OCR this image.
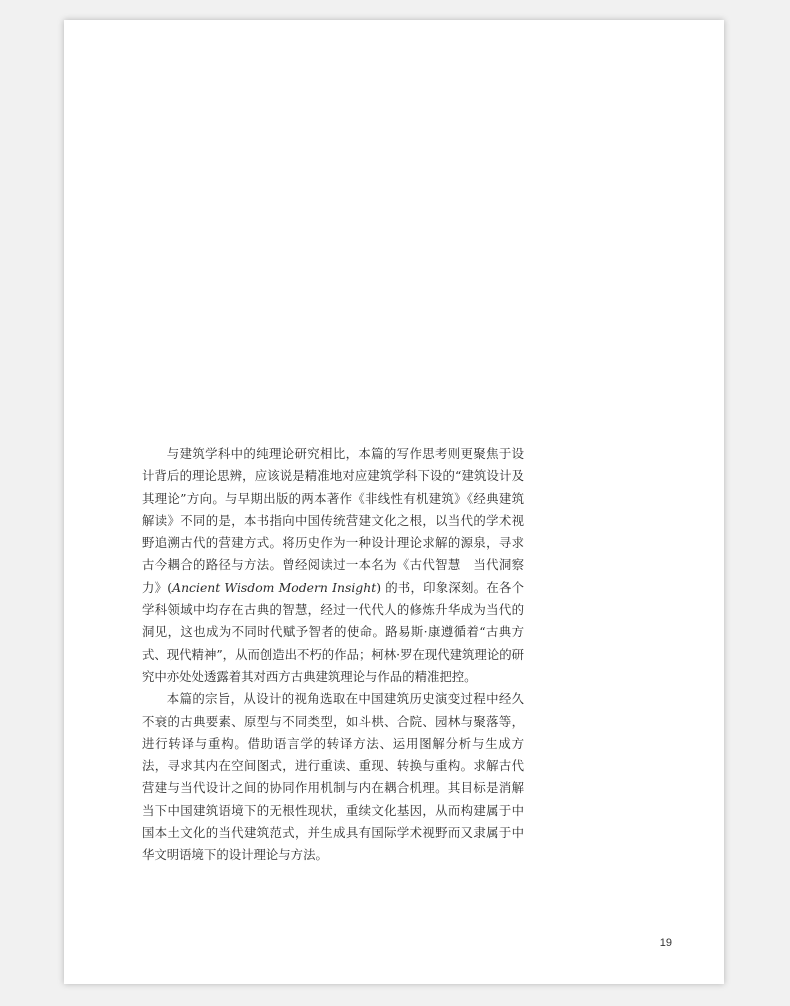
与建筑学科中的纯理论研究相比，本篇的写作思考则更聚焦于设计背后的理论思辨，应该说是精准地对应建筑学科下设的“建筑设计及其理论”方向。与早期出版的两本著作《非线性有机建筑》《经典建筑解读》不同的是，本书指向中国传统营建文化之根，以当代的学术视野追溯古代的营建方式。将历史作为一种设计理论求解的源泉，寻求古今耦合的路径与方法。曾经阅读过一本名为《古代智慧　当代洞察力》(Ancient Wisdom Modern Insight) 的书，印象深刻。在各个学科领域中均存在古典的智慧，经过一代代人的修炼升华成为当代的洞见，这也成为不同时代赋予智者的使命。路易斯·康遵循着“古典方式、现代精神”，从而创造出不朽的作品；柯林·罗在现代建筑理论的研究中亦处处透露着其对西方古典建筑理论与作品的精准把控。

本篇的宗旨，从设计的视角选取在中国建筑历史演变过程中经久不衰的古典要素、原型与不同类型，如斗栱、合院、园林与聚落等，进行转译与重构。借助语言学的转译方法、运用图解分析与生成方法，寻求其内在空间图式，进行重读、重现、转换与重构。求解古代营建与当代设计之间的协同作用机制与内在耦合机理。其目标是消解当下中国建筑语境下的无根性现状，重续文化基因，从而构建属于中国本土文化的当代建筑范式，并生成具有国际学术视野而又隶属于中华文明语境下的设计理论与方法。

19
